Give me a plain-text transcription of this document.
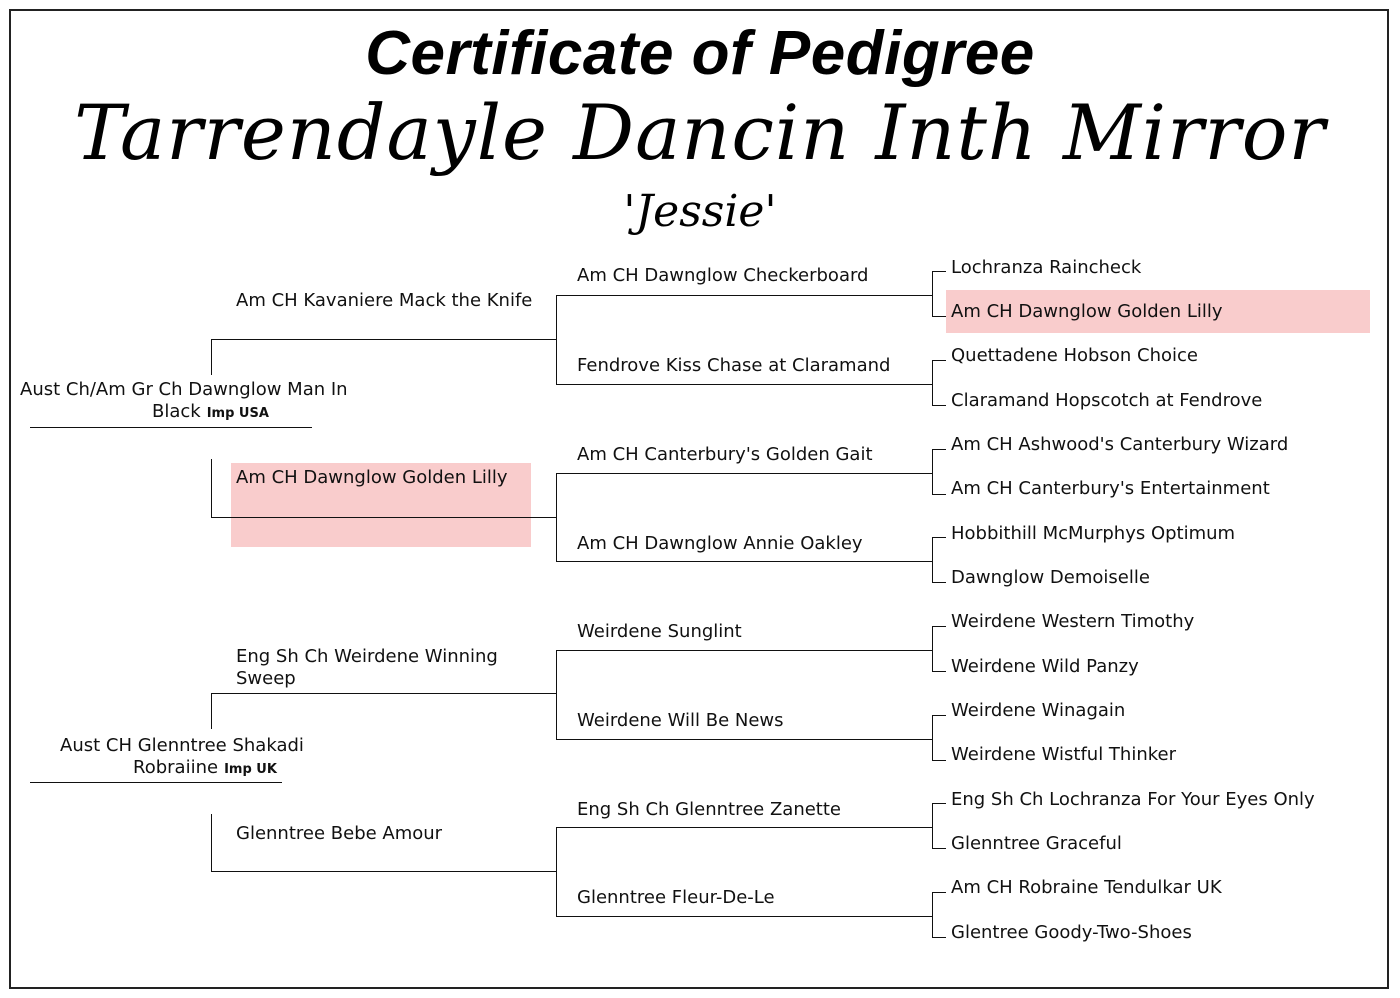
Certificate of Pedigree
Tarrendayle Dancin Inth Mirror
'Jessie'
Aust Ch/Am Gr Ch Dawnglow Man In
Black Imp USA
Aust CH Glenntree Shakadi
Robraiine Imp UK
Am CH Kavaniere Mack the Knife
Am CH Dawnglow Golden Lilly
Eng Sh Ch Weirdene Winning
Sweep
Glenntree Bebe Amour
Am CH Dawnglow Checkerboard
Fendrove Kiss Chase at Claramand
Am CH Canterbury's Golden Gait
Am CH Dawnglow Annie Oakley
Weirdene Sunglint
Weirdene Will Be News
Eng Sh Ch Glenntree Zanette
Glenntree Fleur-De-Le
Lochranza Raincheck
Am CH Dawnglow Golden Lilly
Quettadene Hobson Choice
Claramand Hopscotch at Fendrove
Am CH Ashwood's Canterbury Wizard
Am CH Canterbury's Entertainment
Hobbithill McMurphys Optimum
Dawnglow Demoiselle
Weirdene Western Timothy
Weirdene Wild Panzy
Weirdene Winagain
Weirdene Wistful Thinker
Eng Sh Ch Lochranza For Your Eyes Only
Glenntree Graceful
Am CH Robraine Tendulkar UK
Glentree Goody-Two-Shoes
